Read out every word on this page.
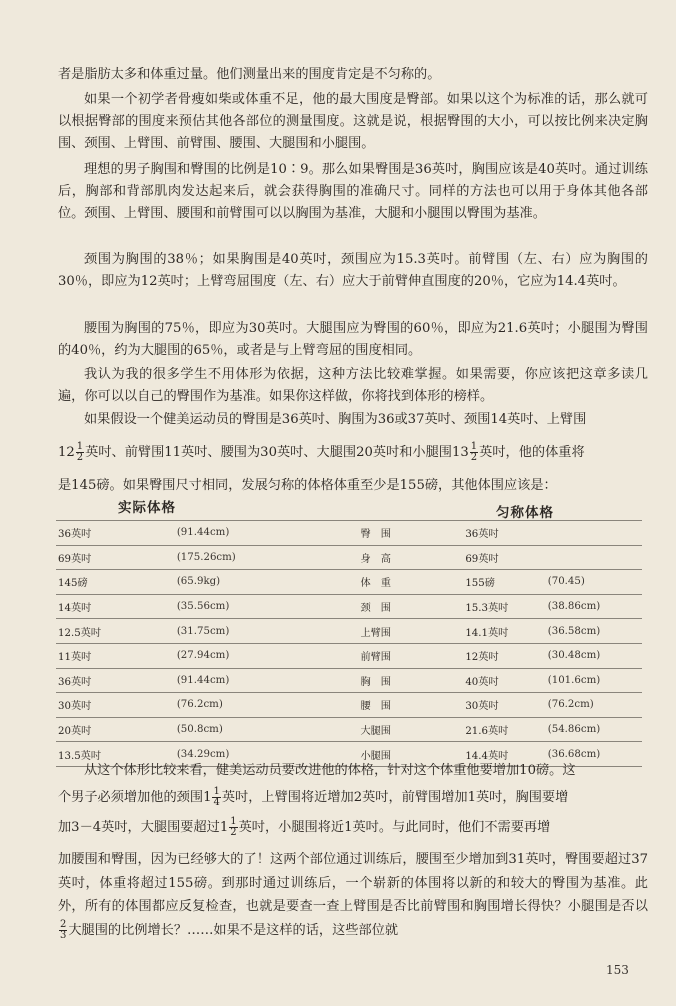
者是脂肪太多和体重过量。他们测量出来的围度肯定是不匀称的。

如果一个初学者骨瘦如柴或体重不足，他的最大围度是臀部。如果以这个为标准的话，那么就可以根据臀部的围度来预估其他各部位的测量围度。这就是说，根据臀围的大小，可以按比例来决定胸围、颈围、上臂围、前臂围、腰围、大腿围和小腿围。

理想的男子胸围和臀围的比例是10∶9。那么如果臀围是36英吋，胸围应该是40英吋。通过训练后，胸部和背部肌肉发达起来后，就会获得胸围的准确尺寸。同样的方法也可以用于身体其他各部位。颈围、上臂围、腰围和前臂围可以以胸围为基准，大腿和小腿围以臀围为基准。

颈围为胸围的38％；如果胸围是40英吋，颈围应为15.3英吋。前臂围（左、右）应为胸围的30％，即应为12英吋；上臂弯屈围度（左、右）应大于前臂伸直围度的20％，它应为14.4英吋。

腰围为胸围的75％，即应为30英吋。大腿围应为臀围的60％，即应为21.6英吋；小腿围为臀围的40％，约为大腿围的65％，或者是与上臂弯屈的围度相同。

我认为我的很多学生不用体形为依据，这种方法比较难掌握。如果需要，你应该把这章多读几遍，你可以以自己的臀围作为基准。如果你这样做，你将找到体形的榜样。

如果假设一个健美运动员的臀围是36英吋、胸围为36或37英吋、颈围14英吋、上臂围
$12 \frac{1}{2}$ 英吋、前臂围11英吋、腰围为30英吋、大腿围20英吋和小腿围$13 \frac{1}{2}$ 英吋，他的体重将

是145磅。如果臀围尺寸相同，发展匀称的体格体重至少是155磅，其他体围应该是：

实际体格	匀称体格
36英吋	(91.44cm)	臀　围	36英吋	
69英吋	(175.26cm)	身　高	69英吋	
145磅	(65.9kg)	体　重	155磅	(70.45)
14英吋	(35.56cm)	颈　围	15.3英吋	(38.86cm)
12.5英吋	(31.75cm)	上臂围	14.1英吋	(36.58cm)
11英吋	(27.94cm)	前臂围	12英吋	(30.48cm)
36英吋	(91.44cm)	胸　围	40英吋	(101.6cm)
30英吋	(76.2cm)	腰　围	30英吋	(76.2cm)
20英吋	(50.8cm)	大腿围	21.6英吋	(54.86cm)
13.5英吋	(34.29cm)	小腿围	14.4英吋	(36.68cm)
从这个体形比较来看，健美运动员要改进他的体格，针对这个体重他要增加10磅。这
个男子必须增加他的颈围$1 \frac{1}{4}$ 英吋，上臂围将近增加2英吋，前臂围增加1英吋，胸围要增
加3－4英吋，大腿围要超过$1 \frac{1}{2}$ 英吋，小腿围将近1英吋。与此同时，他们不需要再增
加腰围和臀围，因为已经够大的了！这两个部位通过训练后，腰围至少增加到31英吋，臀围要超过37英吋，体重将超过155磅。到那时通过训练后，一个崭新的体围将以新的和较大的臀围为基准。此外，所有的体围都应反复检查，也就是要查一查上臂围是否比前臂围和胸围增长得快？小腿围是否以
$\frac{2}{3}$ 大腿围的比例增长？……如果不是这样的话，这些部位就
153
